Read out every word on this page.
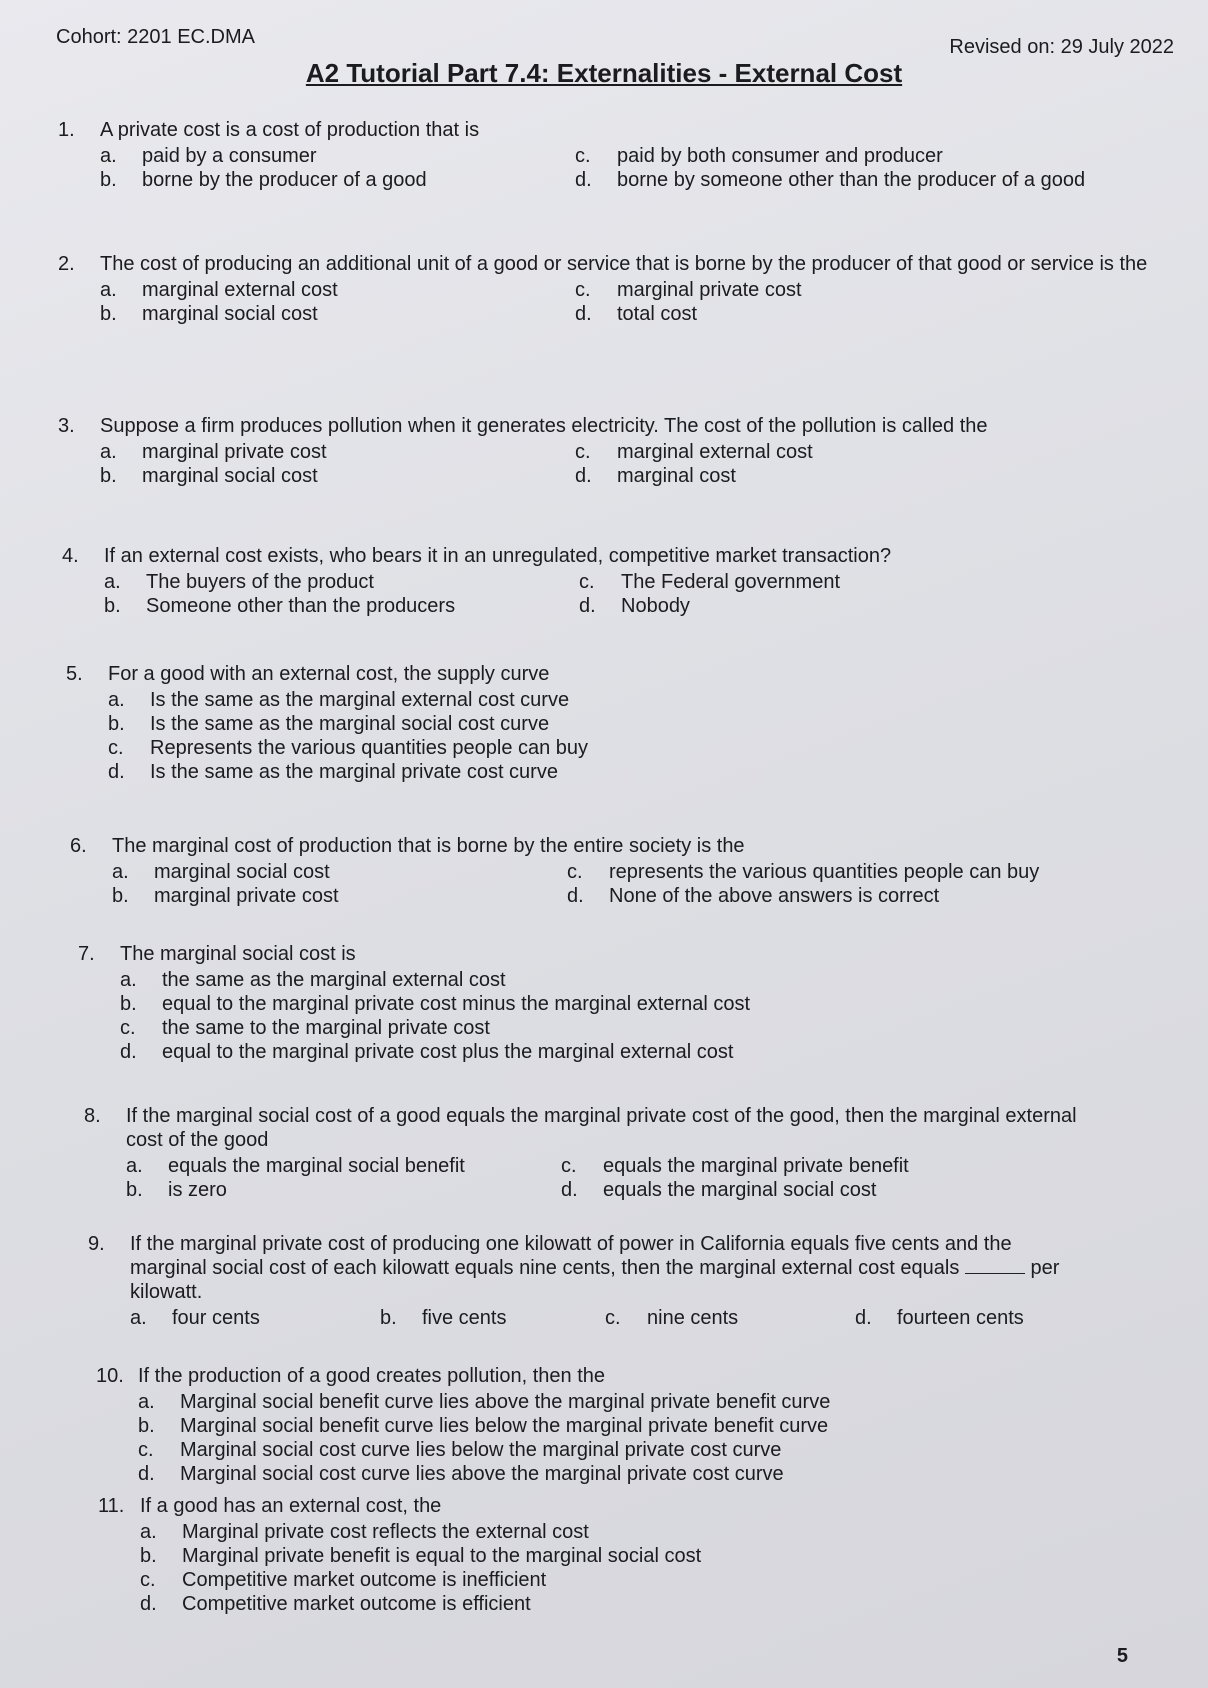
Cohort: 2201 EC.DMA	Revised on: 29 July 2022
A2 Tutorial Part 7.4: Externalities - External Cost
1.	A private cost is a cost of production that is
a.	paid by a consumer	c.	paid by both consumer and producer
b.	borne by the producer of a good	d.	borne by someone other than the producer of a good
2.	The cost of producing an additional unit of a good or service that is borne by the producer of that good or service is the
a.	marginal external cost	c.	marginal private cost
b.	marginal social cost	d.	total cost
3.	Suppose a firm produces pollution when it generates electricity. The cost of the pollution is called the
a.	marginal private cost	c.	marginal external cost
b.	marginal social cost	d.	marginal cost
4.	If an external cost exists, who bears it in an unregulated, competitive market transaction?
a.	The buyers of the product	c.	The Federal government
b.	Someone other than the producers	d.	Nobody
5.	For a good with an external cost, the supply curve
a.	Is the same as the marginal external cost curve
b.	Is the same as the marginal social cost curve
c.	Represents the various quantities people can buy
d.	Is the same as the marginal private cost curve
6.	The marginal cost of production that is borne by the entire society is the
a.	marginal social cost	c.	represents the various quantities people can buy
b.	marginal private cost	d.	None of the above answers is correct
7.	The marginal social cost is
a.	the same as the marginal external cost
b.	equal to the marginal private cost minus the marginal external cost
c.	the same to the marginal private cost
d.	equal to the marginal private cost plus the marginal external cost
8.	If the marginal social cost of a good equals the marginal private cost of the good, then the marginal external cost of the good
a.	equals the marginal social benefit	c.	equals the marginal private benefit
b.	is zero	d.	equals the marginal social cost
9.	If the marginal private cost of producing one kilowatt of power in California equals five cents and the marginal social cost of each kilowatt equals nine cents, then the marginal external cost equals	per kilowatt.
a.	four cents	b.	five cents	c.	nine cents	d.	fourteen cents
10. If the production of a good creates pollution, then the
a.	Marginal social benefit curve lies above the marginal private benefit curve
b.	Marginal social benefit curve lies below the marginal private benefit curve
c.	Marginal social cost curve lies below the marginal private cost curve
d.	Marginal social cost curve lies above the marginal private cost curve
11. If a good has an external cost, the
a.	Marginal private cost reflects the external cost
b.	Marginal private benefit is equal to the marginal social cost
c.	Competitive market outcome is inefficient
d.	Competitive market outcome is efficient
5
